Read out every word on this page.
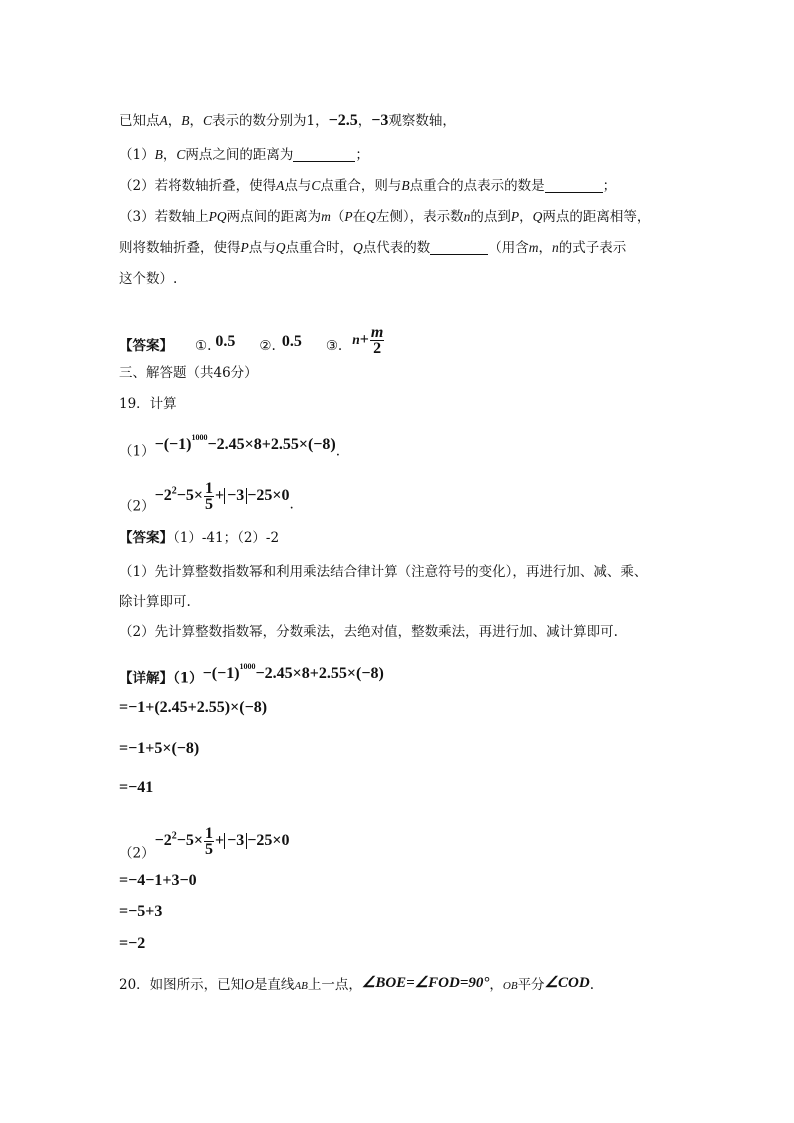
已知点A，B，C表示的数分别为1，−2.5，−3观察数轴，
（1）B，C两点之间的距离为	；
（2）若将数轴折叠，使得A点与C点重合，则与B点重合的点表示的数是	；
（3）若数轴上PQ两点间的距离为m（P在Q左侧），表示数n的点到P，Q两点的距离相等，
则将数轴折叠，使得P点与Q点重合时，Q点代表的数	（用含m，n的式子表示
这个数）.
【答案】 ①. 0.5 ②. 0.5 ③. $n+ \frac{m}{2}$
三、解答题（共46分）
19．计算
$(1)-(-1)^{1000}-2.45\times 8+2.55\times(-8)$.
$(2)-2^2-5\times \frac{1}{5} + -3 -25\times 0$.
【答案】（1）-41；（2）-2
（1）先计算整数指数幂和利用乘法结合律计算（注意符号的变化），再进行加、减、乘、
除计算即可.
（2）先计算整数指数幂，分数乘法，去绝对值，整数乘法，再进行加、减计算即可.
【详解】$(1)-(-1)^{1000}-2.45\times 8+2.55\times(-8)$
=−1+(2.45+2.55)×(−8)
=−1+5×(−8)
=−41
$(2)-2^2-5\times \frac{1}{5} + -3 -25\times 0$
=−4−1+3−0
=−5+3
=−2
20．如图所示，已知O是直线AB上一点，∠BOE=∠FOD=90°，OB平分∠COD.
